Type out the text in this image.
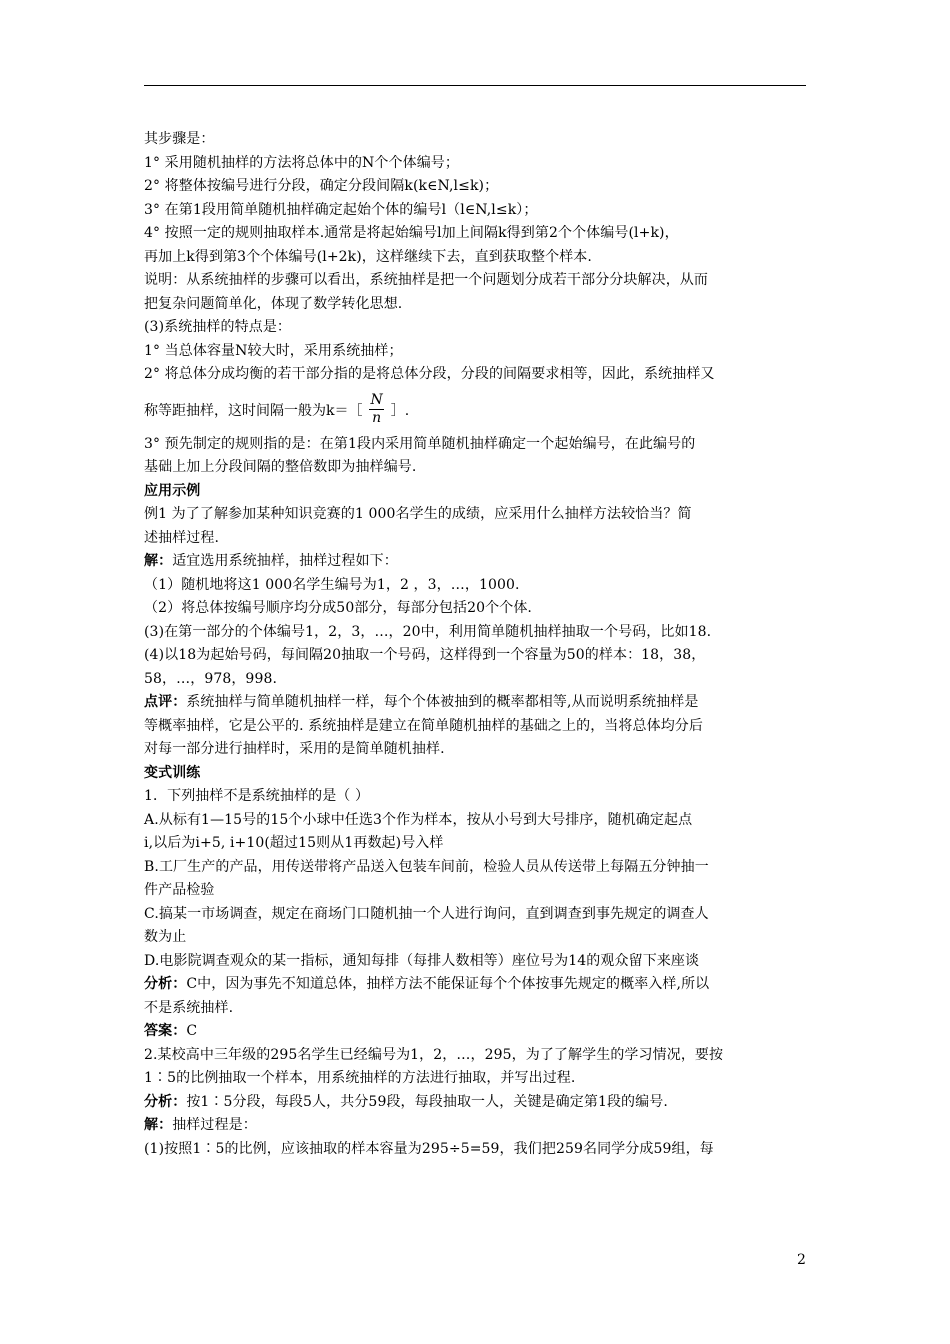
其步骤是：
1° 采用随机抽样的方法将总体中的N个个体编号；
2° 将整体按编号进行分段，确定分段间隔k(k∈N,l≤k)；
3° 在第1段用简单随机抽样确定起始个体的编号l（l∈N,l≤k）；
4° 按照一定的规则抽取样本.通常是将起始编号l加上间隔k得到第2个个体编号(l+k)，
再加上k得到第3个个体编号(l+2k)，这样继续下去，直到获取整个样本.
说明：从系统抽样的步骤可以看出，系统抽样是把一个问题划分成若干部分分块解决，从而
把复杂问题简单化，体现了数学转化思想.
(3)系统抽样的特点是：
1° 当总体容量N较大时，采用系统抽样；
2° 将总体分成均衡的若干部分指的是将总体分段，分段的间隔要求相等，因此，系统抽样又
称等距抽样，这时间隔一般为k＝［ $\frac{N}{n}$ ］.
3° 预先制定的规则指的是：在第1段内采用简单随机抽样确定一个起始编号，在此编号的
基础上加上分段间隔的整倍数即为抽样编号.
应用示例
例1 为了了解参加某种知识竞赛的1 000名学生的成绩，应采用什么抽样方法较恰当？简
述抽样过程.
解：适宜选用系统抽样，抽样过程如下：
（1）随机地将这1 000名学生编号为1，2 ，3，…，1000.
（2）将总体按编号顺序均分成50部分，每部分包括20个个体.
(3)在第一部分的个体编号1，2，3，…，20中，利用简单随机抽样抽取一个号码，比如18.
(4)以18为起始号码，每间隔20抽取一个号码，这样得到一个容量为50的样本：18，38，
58，…，978，998.
点评：系统抽样与简单随机抽样一样，每个个体被抽到的概率都相等,从而说明系统抽样是
等概率抽样，它是公平的. 系统抽样是建立在简单随机抽样的基础之上的，当将总体均分后
对每一部分进行抽样时，采用的是简单随机抽样.
变式训练
1．下列抽样不是系统抽样的是（ ）
A.从标有1—15号的15个小球中任选3个作为样本，按从小号到大号排序，随机确定起点
i,以后为i+5, i+10(超过15则从1再数起)号入样
B.工厂生产的产品，用传送带将产品送入包装车间前，检验人员从传送带上每隔五分钟抽一
件产品检验
C.搞某一市场调查，规定在商场门口随机抽一个人进行询问，直到调查到事先规定的调查人
数为止
D.电影院调查观众的某一指标，通知每排（每排人数相等）座位号为14的观众留下来座谈
分析：C中，因为事先不知道总体，抽样方法不能保证每个个体按事先规定的概率入样,所以
不是系统抽样.
答案：C
2.某校高中三年级的295名学生已经编号为1，2，…，295，为了了解学生的学习情况，要按
1∶5的比例抽取一个样本，用系统抽样的方法进行抽取，并写出过程.
分析：按1∶5分段，每段5人，共分59段，每段抽取一人，关键是确定第1段的编号.
解：抽样过程是：
(1)按照1∶5的比例，应该抽取的样本容量为295÷5=59，我们把259名同学分成59组，每
2
